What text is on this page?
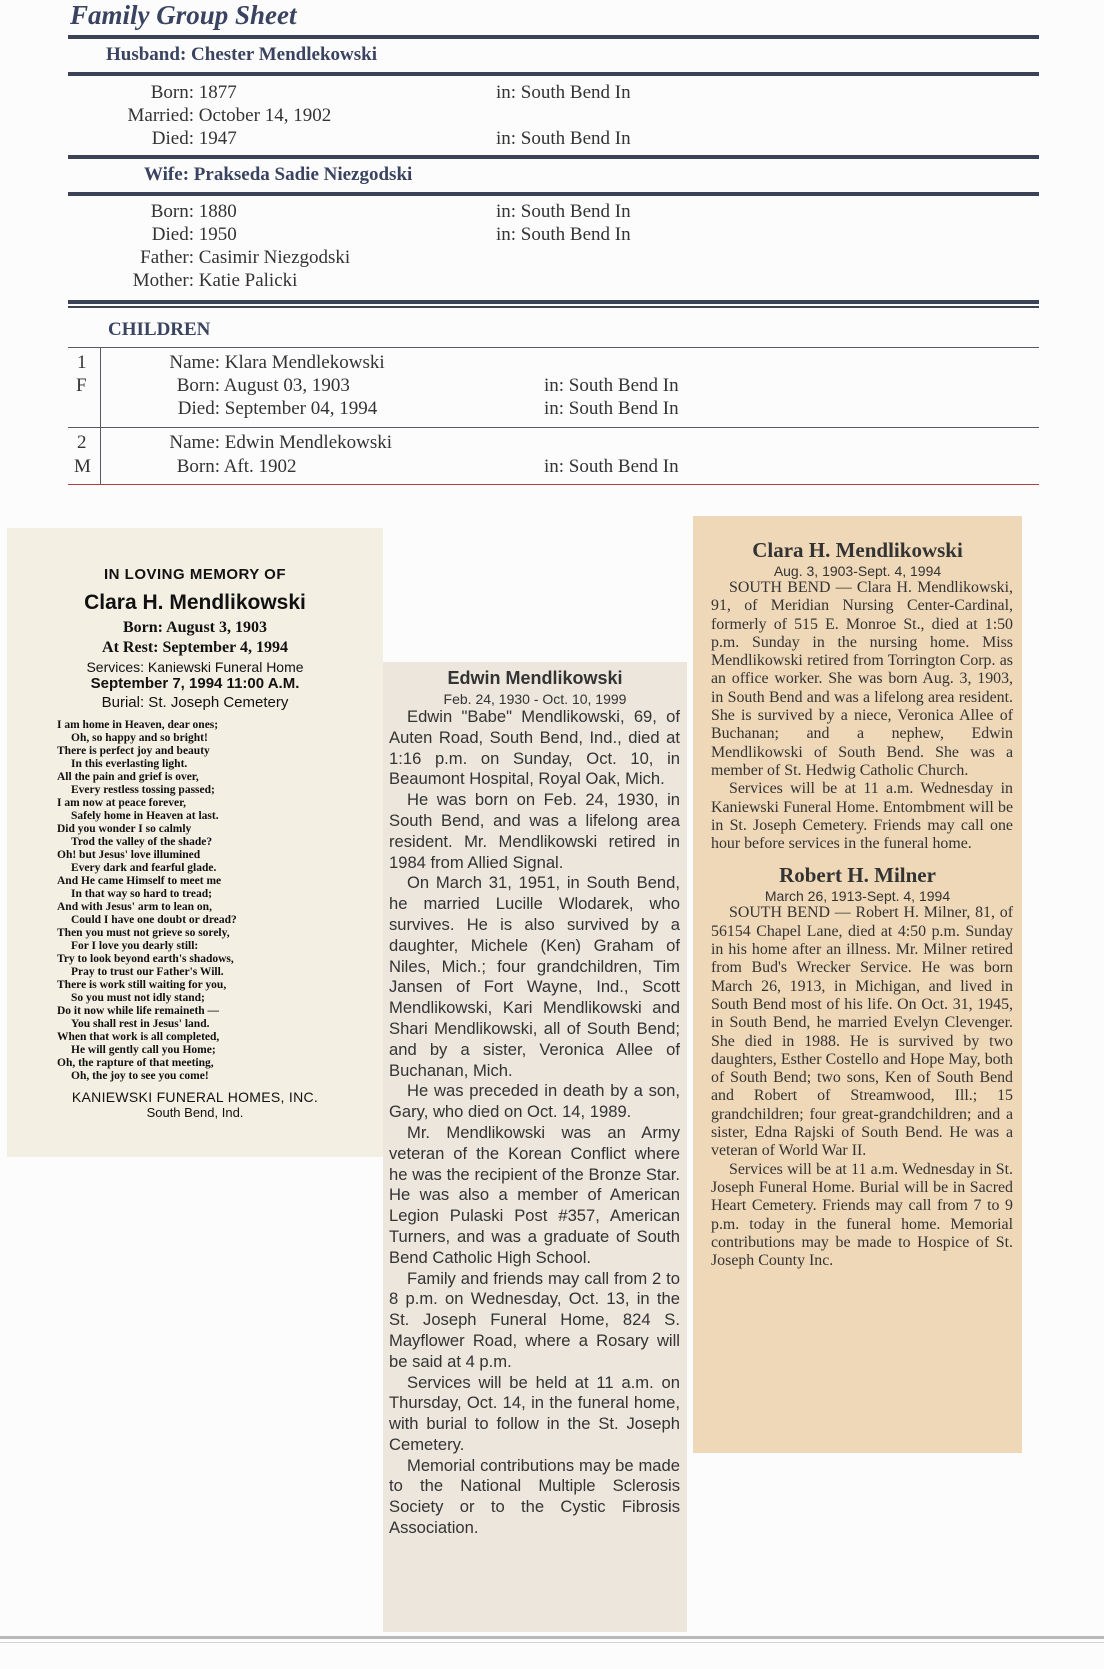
Family Group Sheet
Husband: Chester Mendlekowski
Born: 1877	in: South Bend In
Married: October 14, 1902
Died: 1947	in: South Bend In
Wife: Prakseda Sadie Niezgodski
Born: 1880	in: South Bend In
Died: 1950	in: South Bend In
Father: Casimir Niezgodski
Mother: Katie Palicki
CHILDREN
1
F
Name: Klara Mendlekowski
Born: August 03, 1903	in: South Bend In
Died: September 04, 1994	in: South Bend In
2
M
Name: Edwin Mendlekowski
Born: Aft. 1902	in: South Bend In
IN LOVING MEMORY OF
Clara H. Mendlikowski
Born: August 3, 1903
At Rest: September 4, 1994
Services: Kaniewski Funeral Home
September 7, 1994 11:00 A.M.
Burial: St. Joseph Cemetery
I am home in Heaven, dear ones;
Oh, so happy and so bright!
There is perfect joy and beauty
In this everlasting light.
All the pain and grief is over,
Every restless tossing passed;
I am now at peace forever,
Safely home in Heaven at last.
Did you wonder I so calmly
Trod the valley of the shade?
Oh! but Jesus' love illumined
Every dark and fearful glade.
And He came Himself to meet me
In that way so hard to tread;
And with Jesus' arm to lean on,
Could I have one doubt or dread?
Then you must not grieve so sorely,
For I love you dearly still:
Try to look beyond earth's shadows,
Pray to trust our Father's Will.
There is work still waiting for you,
So you must not idly stand;
Do it now while life remaineth —
You shall rest in Jesus' land.
When that work is all completed,
He will gently call you Home;
Oh, the rapture of that meeting,
Oh, the joy to see you come!
KANIEWSKI FUNERAL HOMES, INC.
South Bend, Ind.
Edwin Mendlikowski
Feb. 24, 1930 - Oct. 10, 1999
Edwin "Babe" Mendlikowski, 69, of Auten Road, South Bend, Ind., died at 1:16 p.m. on Sunday, Oct. 10, in Beaumont Hospital, Royal Oak, Mich.
He was born on Feb. 24, 1930, in South Bend, and was a lifelong area resident. Mr. Mendlikowski retired in 1984 from Allied Signal.
On March 31, 1951, in South Bend, he married Lucille Wlodarek, who survives. He is also survived by a daughter, Michele (Ken) Graham of Niles, Mich.; four grandchildren, Tim Jansen of Fort Wayne, Ind., Scott Mendlikowski, Kari Mendlikowski and Shari Mendlikowski, all of South Bend; and by a sister, Veronica Allee of Buchanan, Mich.
He was preceded in death by a son, Gary, who died on Oct. 14, 1989.
Mr. Mendlikowski was an Army veteran of the Korean Conflict where he was the recipient of the Bronze Star. He was also a member of American Legion Pulaski Post #357, American Turners, and was a graduate of South Bend Catholic High School.
Family and friends may call from 2 to 8 p.m. on Wednesday, Oct. 13, in the St. Joseph Funeral Home, 824 S. Mayflower Road, where a Rosary will be said at 4 p.m.
Services will be held at 11 a.m. on Thursday, Oct. 14, in the funeral home, with burial to follow in the St. Joseph Cemetery.
Memorial contributions may be made to the National Multiple Sclerosis Society or to the Cystic Fibrosis Association.
Clara H. Mendlikowski
Aug. 3, 1903-Sept. 4, 1994
SOUTH BEND — Clara H. Mendlikowski, 91, of Meridian Nursing Center-Cardinal, formerly of 515 E. Monroe St., died at 1:50 p.m. Sunday in the nursing home. Miss Mendlikowski retired from Torrington Corp. as an office worker. She was born Aug. 3, 1903, in South Bend and was a lifelong area resident. She is survived by a niece, Veronica Allee of Buchanan; and a nephew, Edwin Mendlikowski of South Bend. She was a member of St. Hedwig Catholic Church.
Services will be at 11 a.m. Wednesday in Kaniewski Funeral Home. Entombment will be in St. Joseph Cemetery. Friends may call one hour before services in the funeral home.
Robert H. Milner
March 26, 1913-Sept. 4, 1994
SOUTH BEND — Robert H. Milner, 81, of 56154 Chapel Lane, died at 4:50 p.m. Sunday in his home after an illness. Mr. Milner retired from Bud's Wrecker Service. He was born March 26, 1913, in Michigan, and lived in South Bend most of his life. On Oct. 31, 1945, in South Bend, he married Evelyn Clevenger. She died in 1988. He is survived by two daughters, Esther Costello and Hope May, both of South Bend; two sons, Ken of South Bend and Robert of Streamwood, Ill.; 15 grandchildren; four great-grandchildren; and a sister, Edna Rajski of South Bend. He was a veteran of World War II.
Services will be at 11 a.m. Wednesday in St. Joseph Funeral Home. Burial will be in Sacred Heart Cemetery. Friends may call from 7 to 9 p.m. today in the funeral home. Memorial contributions may be made to Hospice of St. Joseph County Inc.
